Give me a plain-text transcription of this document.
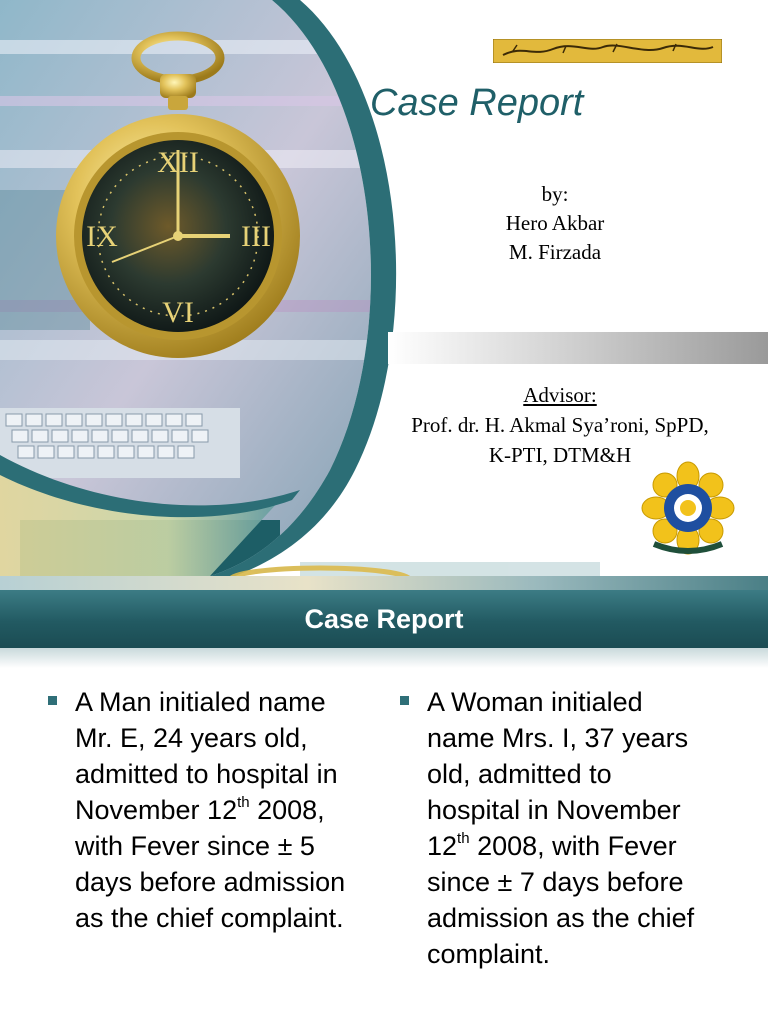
XII
III
VI
IX
Case Report
by:
Hero Akbar
M. Firzada
Advisor:
Prof. dr. H. Akmal Sya’roni, SpPD,
K-PTI, DTM&H
Case Report
A Man initialed name Mr. E, 24 years old, admitted to hospital in November 12th 2008, with Fever since ± 5 days before admission as the chief complaint.
A Woman initialed name Mrs. I, 37 years old, admitted to hospital in November 12th 2008, with Fever since ± 7 days before admission as the chief complaint.
